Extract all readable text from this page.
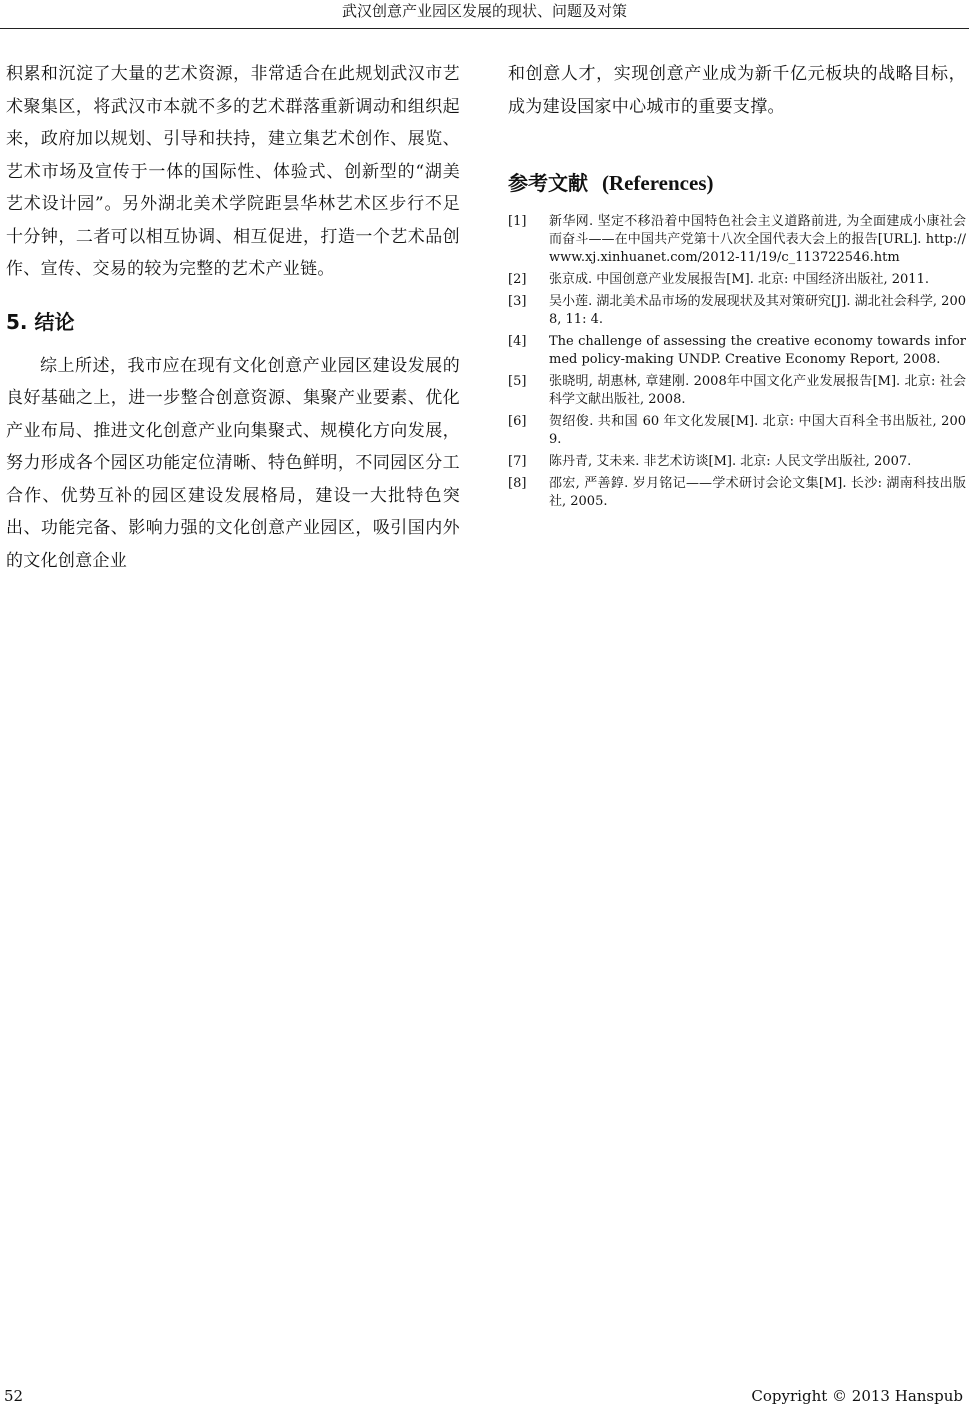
武汉创意产业园区发展的现状、问题及对策

积累和沉淀了大量的艺术资源，非常适合在此规划武汉市艺术聚集区，将武汉市本就不多的艺术群落重新调动和组织起来，政府加以规划、引导和扶持，建立集艺术创作、展览、艺术市场及宣传于一体的国际性、体验式、创新型的“湖美艺术设计园”。另外湖北美术学院距昙华林艺术区步行不足十分钟，二者可以相互协调、相互促进，打造一个艺术品创作、宣传、交易的较为完整的艺术产业链。

5. 结论

综上所述，我市应在现有文化创意产业园区建设发展的良好基础之上，进一步整合创意资源、集聚产业要素、优化产业布局、推进文化创意产业向集聚式、规模化方向发展，努力形成各个园区功能定位清晰、特色鲜明，不同园区分工合作、优势互补的园区建设发展格局，建设一大批特色突出、功能完备、影响力强的文化创意产业园区，吸引国内外的文化创意企业

和创意人才，实现创意产业成为新千亿元板块的战略目标，成为建设国家中心城市的重要支撑。

参考文献 (References)
[1]	新华网. 坚定不移沿着中国特色社会主义道路前进, 为全面建成小康社会而奋斗——在中国共产党第十八次全国代表大会上的报告[URL]. http://www.xj.xinhuanet.com/2012-11/19/c_113722546.htm
[2]	张京成. 中国创意产业发展报告[M]. 北京: 中国经济出版社, 2011.
[3]	吴小莲. 湖北美术品市场的发展现状及其对策研究[J]. 湖北社会科学, 2008, 11: 4.
[4]	The challenge of assessing the creative economy towards informed policy-making UNDP. Creative Economy Report, 2008.
[5]	张晓明, 胡惠林, 章建刚. 2008年中国文化产业发展报告[M]. 北京: 社会科学文献出版社, 2008.
[6]	贺绍俊. 共和国 60 年文化发展[M]. 北京: 中国大百科全书出版社, 2009.
[7]	陈丹青, 艾未来. 非艺术访谈[M]. 北京: 人民文学出版社, 2007.
[8]	邵宏, 严善錞. 岁月铭记——学术研讨会论文集[M]. 长沙: 湖南科技出版社, 2005.
52	Copyright © 2013 Hanspub
